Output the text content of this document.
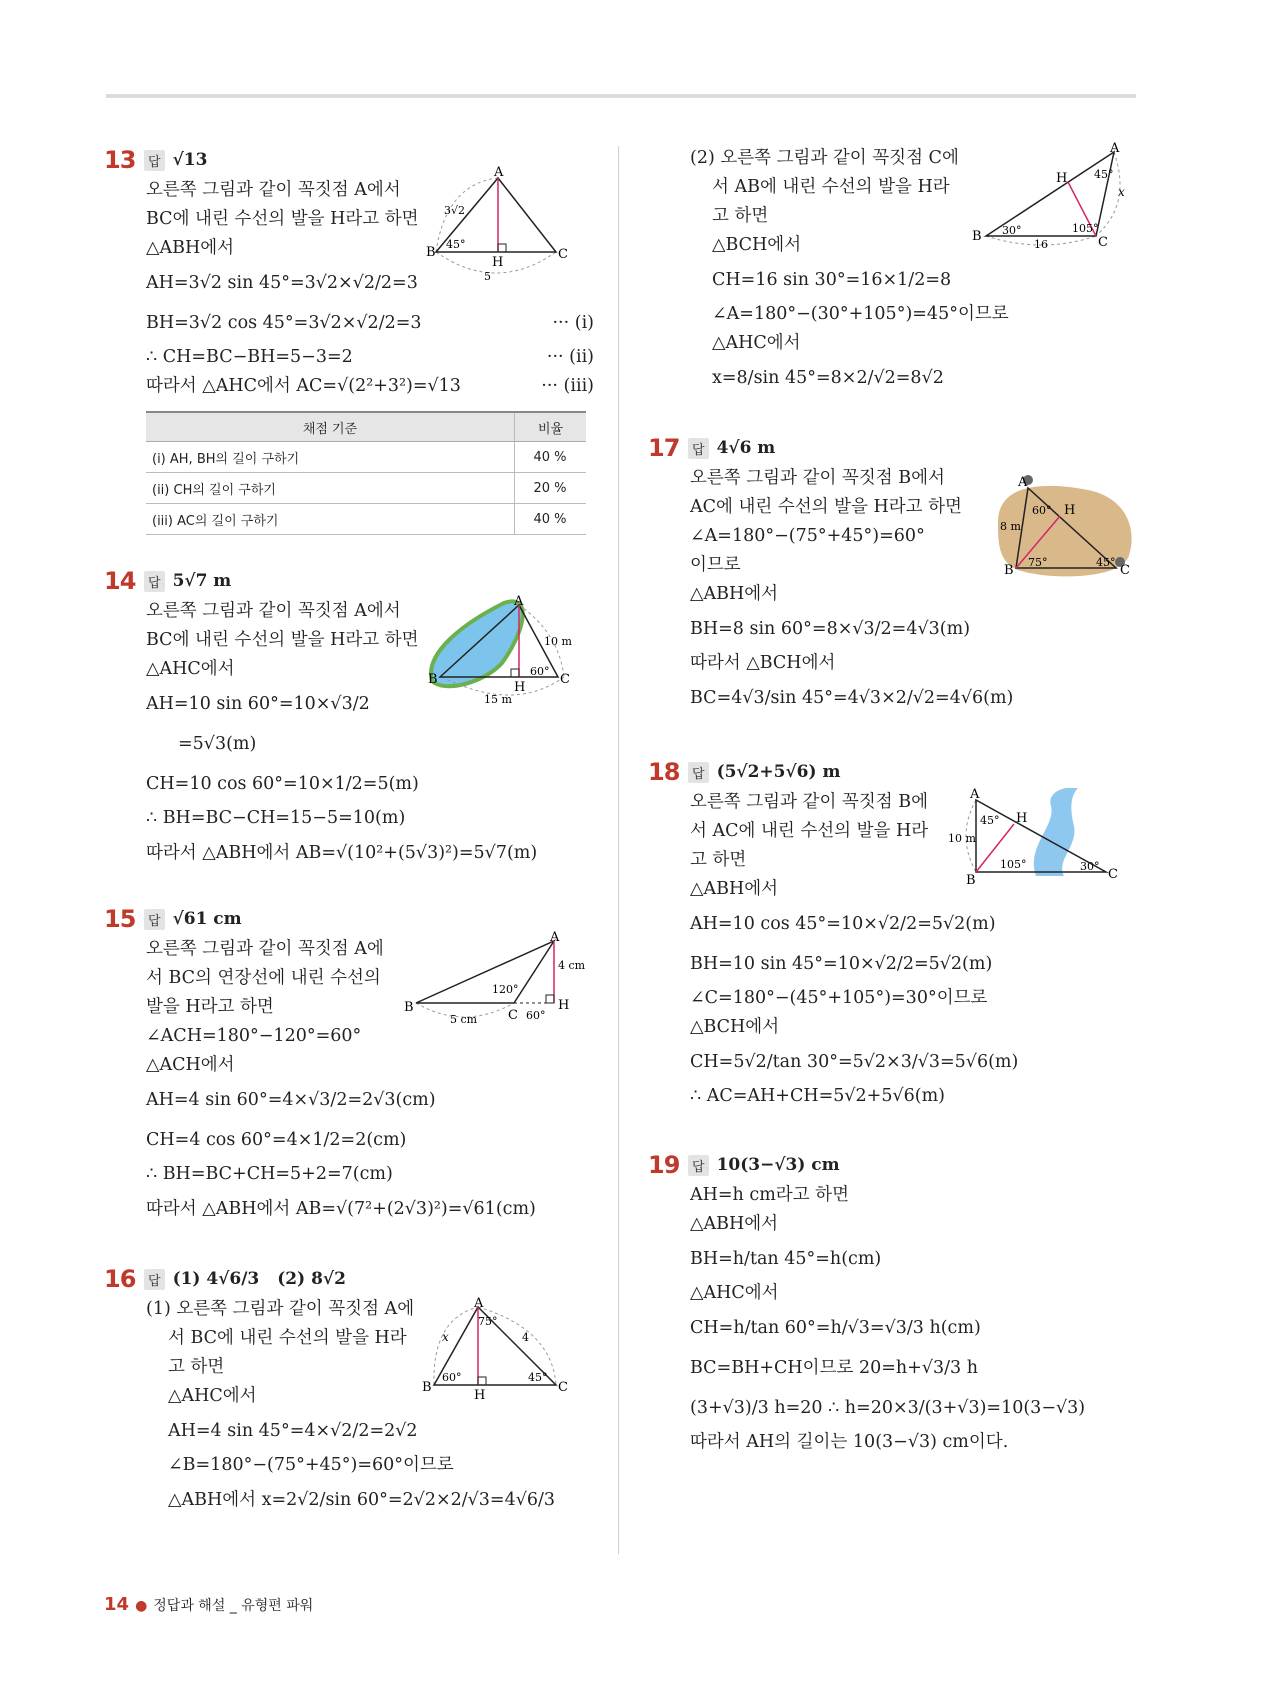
13 답 √13
오른쪽 그림과 같이 꼭짓점 A에서
BC에 내린 수선의 발을 H라고 하면
△ABH에서
AH=3√2 sin 45°=3√2×√2/2=3
BH=3√2 cos 45°=3√2×√2/2=3	··· (i)
∴ CH=BC−BH=5−3=2	··· (ii)
따라서 △AHC에서 AC=√(2²+3²)=√13	··· (iii)
A
B	C
H
3√2
45°
5
채점 기준	비율
(i) AH, BH의 길이 구하기	40 %
(ii) CH의 길이 구하기	20 %
(iii) AC의 길이 구하기	40 %
14 답 5√7 m
오른쪽 그림과 같이 꼭짓점 A에서
BC에 내린 수선의 발을 H라고 하면
△AHC에서
AH=10 sin 60°=10×√3/2
=5√3(m)
CH=10 cos 60°=10×1/2=5(m)
∴ BH=BC−CH=15−5=10(m)
따라서 △ABH에서 AB=√(10²+(5√3)²)=5√7(m)
A
B	C
H
10 m
60°
15 m
15 답 √61 cm
오른쪽 그림과 같이 꼭짓점 A에
서 BC의 연장선에 내린 수선의
발을 H라고 하면
∠ACH=180°−120°=60°
△ACH에서
AH=4 sin 60°=4×√3/2=2√3(cm)
CH=4 cos 60°=4×1/2=2(cm)
∴ BH=BC+CH=5+2=7(cm)
따라서 △ABH에서 AB=√(7²+(2√3)²)=√61(cm)
A
B
C
H
4 cm
120°
60°
5 cm
16 답 (1) 4√6/3 (2) 8√2
(1) 오른쪽 그림과 같이 꼭짓점 A에
서 BC에 내린 수선의 발을 H라
고 하면
△AHC에서
AH=4 sin 45°=4×√2/2=2√2
∠B=180°−(75°+45°)=60°이므로
△ABH에서 x=2√2/sin 60°=2√2×2/√3=4√6/3
A
B	C
H
x	4
75°
60°	45°
(2) 오른쪽 그림과 같이 꼭짓점 C에
서 AB에 내린 수선의 발을 H라
고 하면
△BCH에서
CH=16 sin 30°=16×1/2=8
∠A=180°−(30°+105°)=45°이므로
△AHC에서
x=8/sin 45°=8×2/√2=8√2
A
B	C
H
x
16
45°
30°	105°
17 답 4√6 m
오른쪽 그림과 같이 꼭짓점 B에서
AC에 내린 수선의 발을 H라고 하면
∠A=180°−(75°+45°)=60°
이므로
△ABH에서
BH=8 sin 60°=8×√3/2=4√3(m)
따라서 △BCH에서
BC=4√3/sin 45°=4√3×2/√2=4√6(m)
A
B	C
H
8 m
60°
75°	45°
18 답 (5√2+5√6) m
오른쪽 그림과 같이 꼭짓점 B에
서 AC에 내린 수선의 발을 H라
고 하면
△ABH에서
AH=10 cos 45°=10×√2/2=5√2(m)
BH=10 sin 45°=10×√2/2=5√2(m)
∠C=180°−(45°+105°)=30°이므로
△BCH에서
CH=5√2/tan 30°=5√2×3/√3=5√6(m)
∴ AC=AH+CH=5√2+5√6(m)
A
B	C
H
10 m
45°
105°	30°
19 답 10(3−√3) cm
AH=h cm라고 하면
△ABH에서
BH=h/tan 45°=h(cm)
△AHC에서
CH=h/tan 60°=h/√3=√3/3 h(cm)
BC=BH+CH이므로 20=h+√3/3 h
(3+√3)/3 h=20 ∴ h=20×3/(3+√3)=10(3−√3)
따라서 AH의 길이는 10(3−√3) cm이다.
14 ● 정답과 해설 _ 유형편 파워
